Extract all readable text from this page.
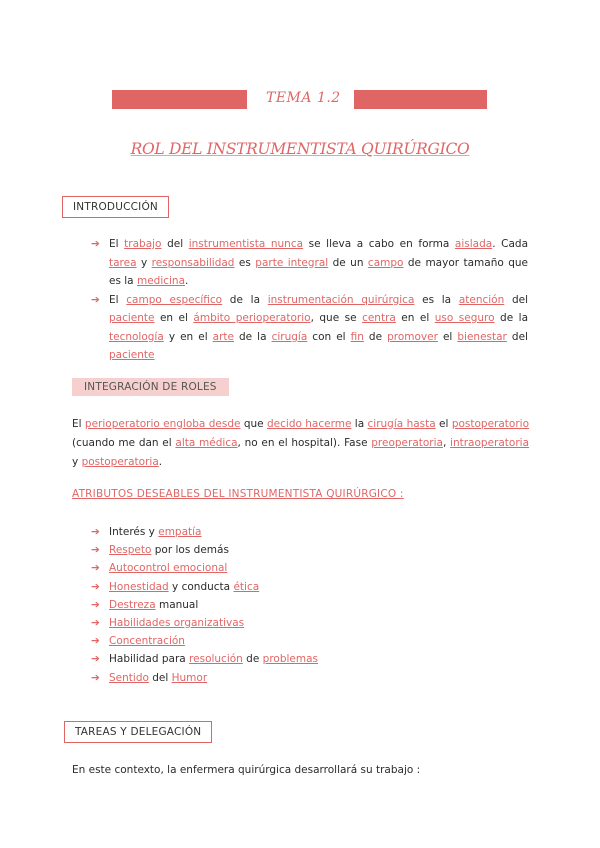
TEMA 1.2
ROL DEL INSTRUMENTISTA QUIRÚRGICO
INTRODUCCIÓN
➔ El trabajo del instrumentista nunca se lleva a cabo en forma aislada. Cada tarea y responsabilidad es parte integral de un campo de mayor tamaño que es la medicina.
➔ El campo específico de la instrumentación quirúrgica es la atención del paciente en el ámbito perioperatorio, que se centra en el uso seguro de la tecnología y en el arte de la cirugía con el fin de promover el bienestar del paciente
INTEGRACIÓN DE ROLES

El perioperatorio engloba desde que decido hacerme la cirugía hasta el postoperatorio (cuando me dan el alta médica, no en el hospital). Fase preoperatoria, intraoperatoria y postoperatoria.

ATRIBUTOS DESEABLES DEL INSTRUMENTISTA QUIRÚRGICO :
➔ Interés y empatía
➔ Respeto por los demás
➔ Autocontrol emocional
➔ Honestidad y conducta ética
➔ Destreza manual
➔ Habilidades organizativas
➔ Concentración
➔ Habilidad para resolución de problemas
➔ Sentido del Humor
TAREAS Y DELEGACIÓN
En este contexto, la enfermera quirúrgica desarrollará su trabajo :
